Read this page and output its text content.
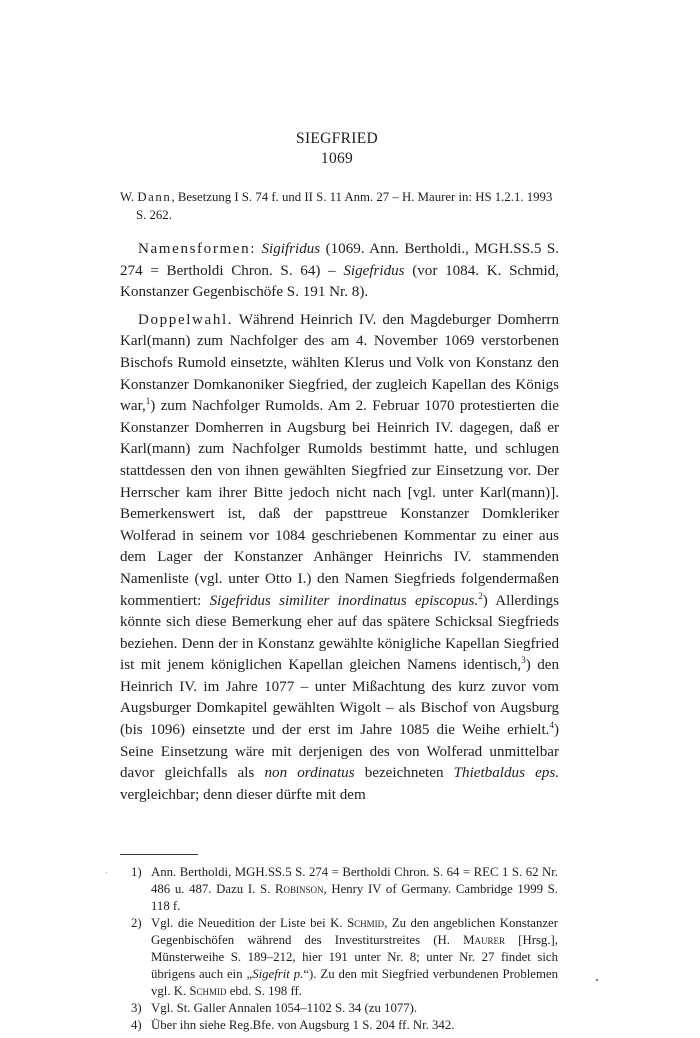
SIEGFRIED
1069
W. Dann, Besetzung I S. 74 f. und II S. 11 Anm. 27 – H. Maurer in: HS 1.2.1. 1993
S. 262.

Namensformen: Sigifridus (1069. Ann. Bertholdi., MGH.SS.5 S. 274 = Bertholdi Chron. S. 64) – Sigefridus (vor 1084. K. Schmid, Konstanzer Gegenbischöfe S. 191 Nr. 8).

Doppelwahl. Während Heinrich IV. den Magdeburger Domherrn Karl(mann) zum Nachfolger des am 4. November 1069 verstorbenen Bischofs Rumold einsetzte, wählten Klerus und Volk von Konstanz den Konstanzer Domkanoniker Siegfried, der zugleich Kapellan des Königs war,$^1$) zum Nachfolger Rumolds. Am 2. Februar 1070 protestierten die Konstanzer Domherren in Augsburg bei Heinrich IV. dagegen, daß er Karl(mann) zum Nachfolger Rumolds bestimmt hatte, und schlugen stattdessen den von ihnen gewählten Siegfried zur Einsetzung vor. Der Herrscher kam ihrer Bitte jedoch nicht nach [vgl. unter Karl(mann)]. Bemerkenswert ist, daß der papsttreue Konstanzer Domkleriker Wolferad in seinem vor 1084 geschriebenen Kommentar zu einer aus dem Lager der Konstanzer Anhänger Heinrichs IV. stammenden Namenliste (vgl. unter Otto I.) den Namen Siegfrieds folgendermaßen kommentiert: Sigefridus similiter inordinatus episcopus.$^2$) Allerdings könnte sich diese Bemerkung eher auf das spätere Schicksal Siegfrieds beziehen. Denn der in Konstanz gewählte königliche Kapellan Siegfried ist mit jenem königlichen Kapellan gleichen Namens identisch,$^3$) den Heinrich IV. im Jahre 1077 – unter Mißachtung des kurz zuvor vom Augsburger Domkapitel gewählten Wigolt – als Bischof von Augsburg (bis 1096) einsetzte und der erst im Jahre 1085 die Weihe erhielt.$^4$) Seine Einsetzung wäre mit derjenigen des von Wolferad unmittelbar davor gleichfalls als non ordinatus bezeichneten Thietbaldus eps. vergleichbar; denn dieser dürfte mit dem

1) Ann. Bertholdi, MGH.SS.5 S. 274 = Bertholdi Chron. S. 64 = REC 1 S. 62 Nr. 486 u. 487. Dazu I. S. Robinson, Henry IV of Germany. Cambridge 1999 S. 118 f.
2) Vgl. die Neuedition der Liste bei K. Schmid, Zu den angeblichen Konstanzer Gegenbischöfen während des Investiturstreites (H. Maurer [Hrsg.], Münsterweihe S. 189–212, hier 191 unter Nr. 8; unter Nr. 27 findet sich übrigens auch ein „Sigefrit p.“). Zu den mit Siegfried verbundenen Problemen vgl. K. Schmid ebd. S. 198 ff.
3) Vgl. St. Galler Annalen 1054–1102 S. 34 (zu 1077).
4) Über ihn siehe Reg.Bfe. von Augsburg 1 S. 204 ff. Nr. 342.
